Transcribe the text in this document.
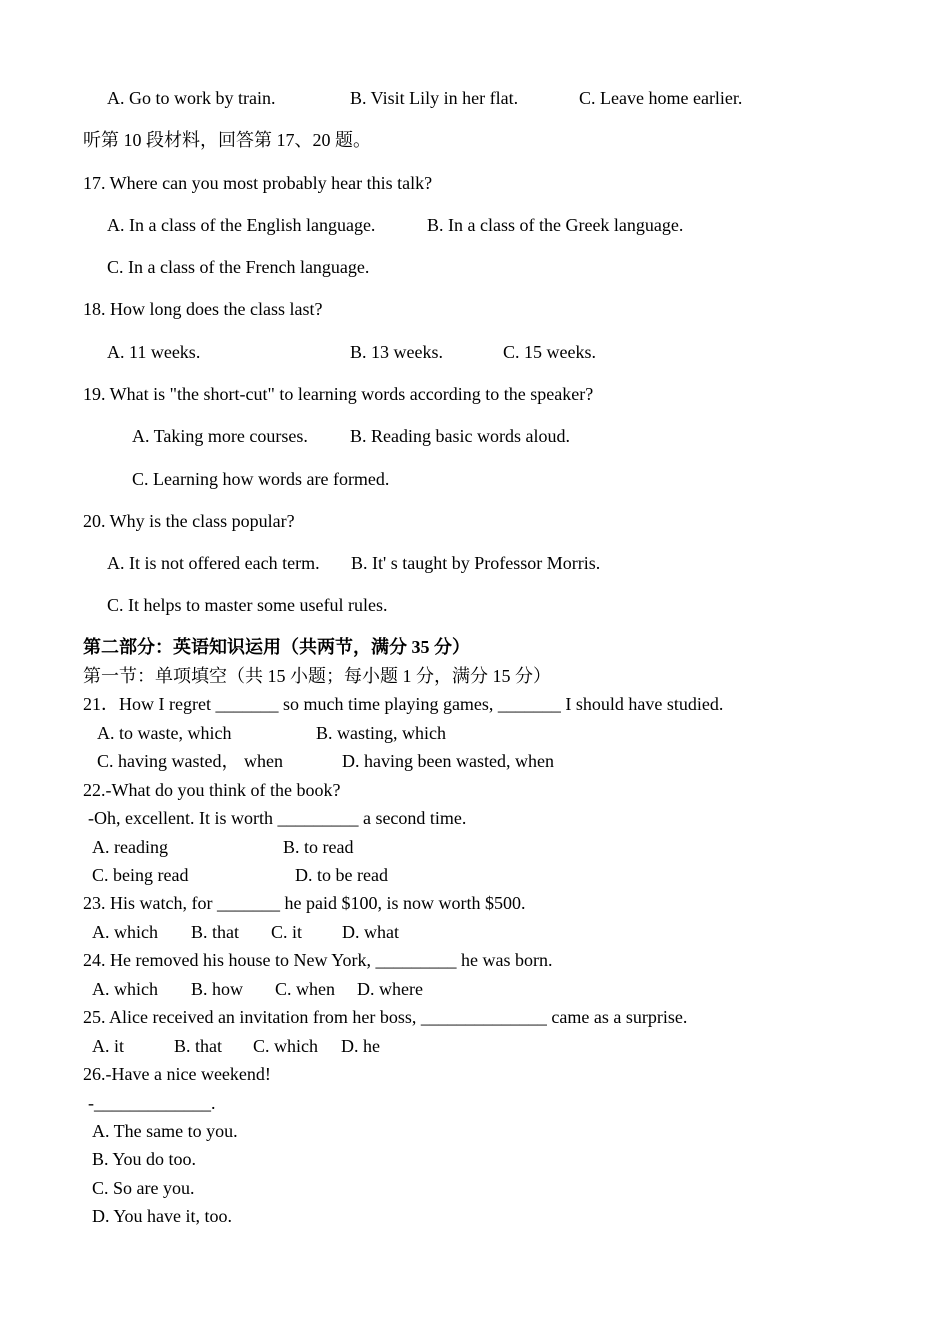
A. Go to work by train.	B. Visit Lily in her flat.	C. Leave home earlier.
听第 10 段材料，回答第 17、20 题。
17. Where can you most probably hear this talk?
A. In a class of the English language.	B. In a class of the Greek language.
C. In a class of the French language.
18. How long does the class last?
A. 11 weeks.	B. 13 weeks.	C. 15 weeks.
19. What is "the short-cut" to learning words according to the speaker?
A. Taking more courses. B. Reading basic words aloud.
C. Learning how words are formed.
20. Why is the class popular?
A. It is not offered each term. B. It' s taught by Professor Morris.
C. It helps to master some useful rules.
第二部分：英语知识运用（共两节，满分 35 分）
第一节：单项填空（共 15 小题；每小题 1 分，满分 15 分）
21．How I regret _______ so much time playing games, _______ I should have studied.
A. to waste, which	B. wasting, which
C. having wasted， when	D. having been wasted, when
22.-What do you think of the book?
-Oh, excellent. It is worth _________ a second time.
A. reading	B. to read
C. being read	D. to be read
23. His watch, for _______ he paid $100, is now worth $500.
A. which B. that C. it D. what
24. He removed his house to New York, _________ he was born.
A. which B. how C. when D. where
25. Alice received an invitation from her boss, ______________ came as a surprise.
A. it	B. that C. which D. he
26.-Have a nice weekend!
-_____________.
A. The same to you.
B. You do too.
C. So are you.
D. You have it, too.
